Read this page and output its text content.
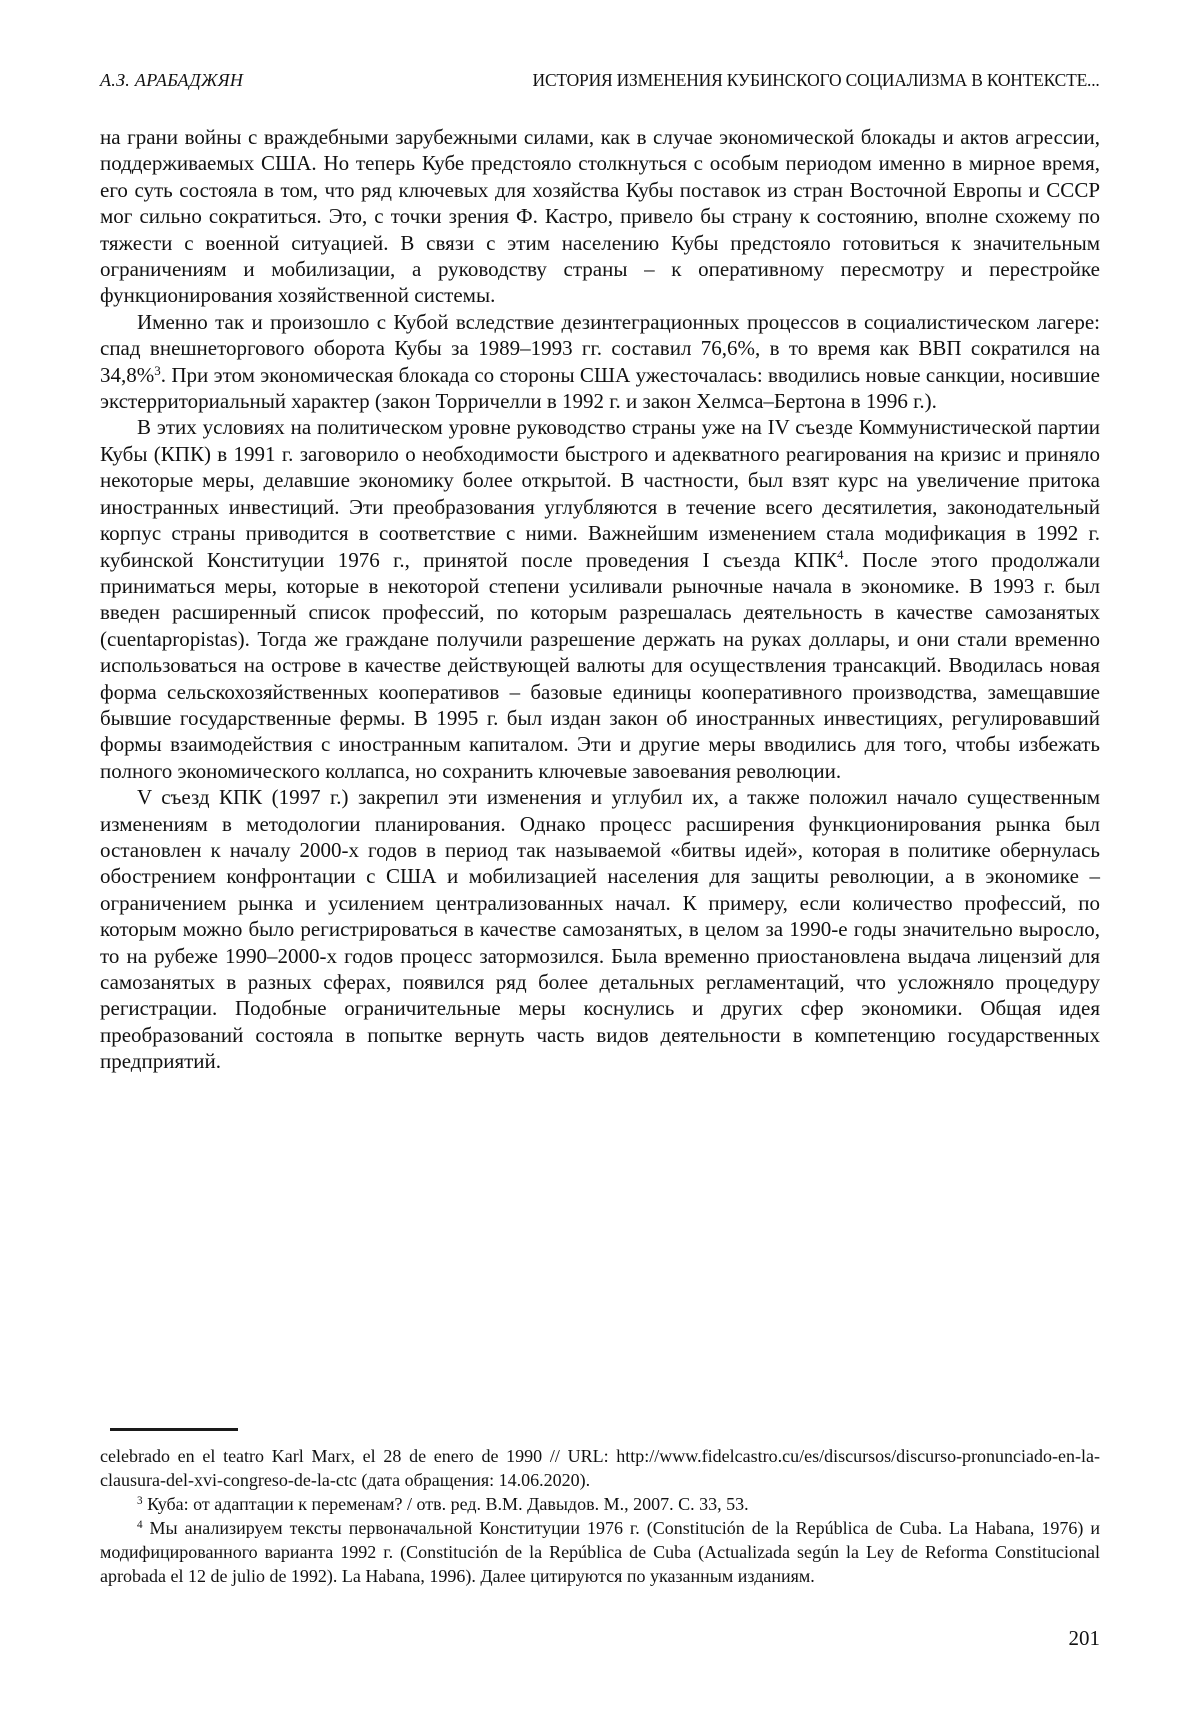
А.З. АРАБАДЖЯН	ИСТОРИЯ ИЗМЕНЕНИЯ КУБИНСКОГО СОЦИАЛИЗМА В КОНТЕКСТЕ...

на грани войны с враждебными зарубежными силами, как в случае экономической блокады и актов агрессии, поддерживаемых США. Но теперь Кубе предстояло столкнуться с особым периодом именно в мирное время, его суть состояла в том, что ряд ключевых для хозяйства Кубы поставок из стран Восточной Европы и СССР мог сильно сократиться. Это, с точки зрения Ф. Кастро, привело бы страну к состоянию, вполне схожему по тяжести с военной ситуацией. В связи с этим населению Кубы предстояло готовиться к значительным ограничениям и мобилизации, а руководству страны – к оперативному пересмотру и перестройке функционирования хозяйственной системы.

Именно так и произошло с Кубой вследствие дезинтеграционных процессов в социалистическом лагере: спад внешнеторгового оборота Кубы за 1989–1993 гг. составил 76,6%, в то время как ВВП сократился на 34,8%$^3$. При этом экономическая блокада со стороны США ужесточалась: вводились новые санкции, носившие экстерриториальный характер (закон Торричелли в 1992 г. и закон Хелмса–Бертона в 1996 г.).

В этих условиях на политическом уровне руководство страны уже на IV съезде Коммунистической партии Кубы (КПК) в 1991 г. заговорило о необходимости быстрого и адекватного реагирования на кризис и приняло некоторые меры, делавшие экономику более открытой. В частности, был взят курс на увеличение притока иностранных инвестиций. Эти преобразования углубляются в течение всего десятилетия, законодательный корпус страны приводится в соответствие с ними. Важнейшим изменением стала модификация в 1992 г. кубинской Конституции 1976 г., принятой после проведения I съезда КПК$^4$. После этого продолжали приниматься меры, которые в некоторой степени усиливали рыночные начала в экономике. В 1993 г. был введен расширенный список профессий, по которым разрешалась деятельность в качестве самозанятых (cuentapropistas). Тогда же граждане получили разрешение держать на руках доллары, и они стали временно использоваться на острове в качестве действующей валюты для осуществления трансакций. Вводилась новая форма сельскохозяйственных кооперативов – базовые единицы кооперативного производства, замещавшие бывшие государственные фермы. В 1995 г. был издан закон об иностранных инвестициях, регулировавший формы взаимодействия с иностранным капиталом. Эти и другие меры вводились для того, чтобы избежать полного экономического коллапса, но сохранить ключевые завоевания революции.

V съезд КПК (1997 г.) закрепил эти изменения и углубил их, а также положил начало существенным изменениям в методологии планирования. Однако процесс расширения функционирования рынка был остановлен к началу 2000-х годов в период так называемой «битвы идей», которая в политике обернулась обострением конфронтации с США и мобилизацией населения для защиты революции, а в экономике – ограничением рынка и усилением централизованных начал. К примеру, если количество профессий, по которым можно было регистрироваться в качестве самозанятых, в целом за 1990-е годы значительно выросло, то на рубеже 1990–2000-х годов процесс затормозился. Была временно приостановлена выдача лицензий для самозанятых в разных сферах, появился ряд более детальных регламентаций, что усложняло процедуру регистрации. Подобные ограничительные меры коснулись и других сфер экономики. Общая идея преобразований состояла в попытке вернуть часть видов деятельности в компетенцию государственных предприятий.

celebrado en el teatro Karl Marx, el 28 de enero de 1990 // URL: http://www.fidelcastro.cu/es/discursos/discurso-pronunciado-en-la-clausura-del-xvi-congreso-de-la-ctc (дата обращения: 14.06.2020).

$^3$ Куба: от адаптации к переменам? / отв. ред. В.М. Давыдов. М., 2007. С. 33, 53.

$^4$ Мы анализируем тексты первоначальной Конституции 1976 г. (Constitución de la República de Cuba. La Habana, 1976) и модифицированного варианта 1992 г. (Constitución de la República de Cuba (Actualizada según la Ley de Reforma Constitucional aprobada el 12 de julio de 1992). La Habana, 1996). Далее цитируются по указанным изданиям.

201
